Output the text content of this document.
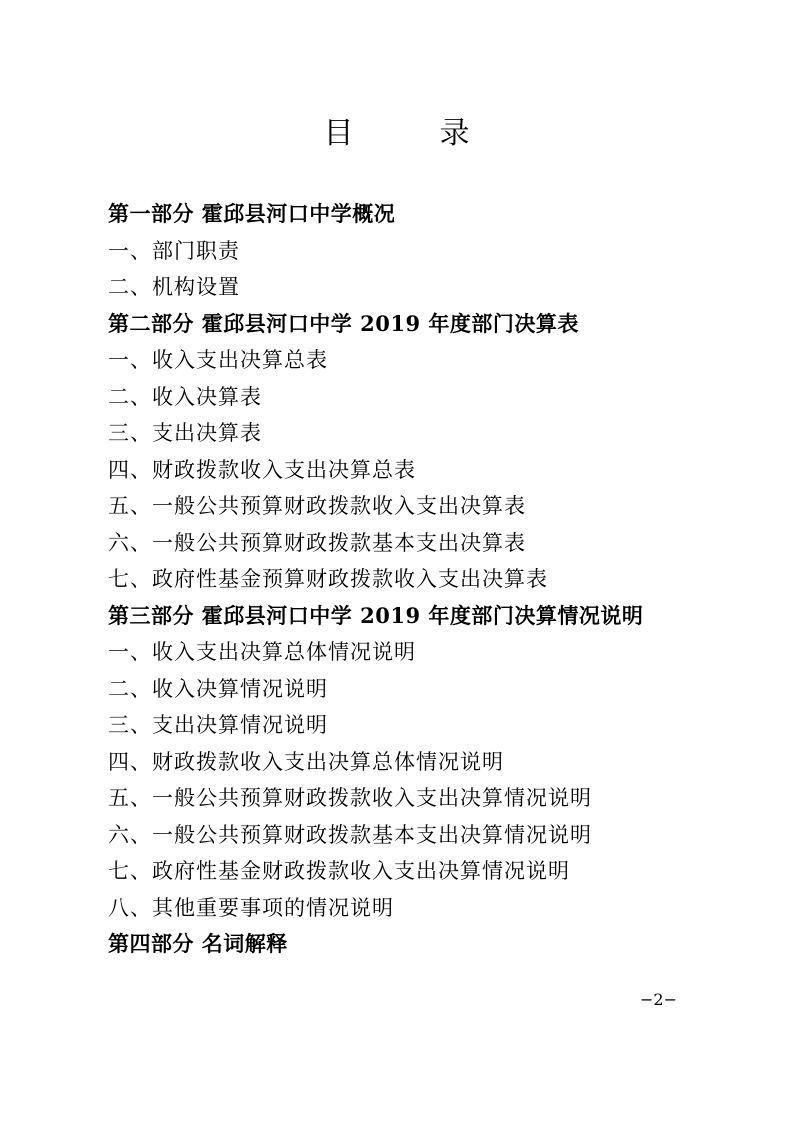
目　录
第一部分 霍邱县河口中学概况
一、部门职责
二、机构设置
第二部分 霍邱县河口中学 2019 年度部门决算表
一、收入支出决算总表
二、收入决算表
三、支出决算表
四、财政拨款收入支出决算总表
五、一般公共预算财政拨款收入支出决算表
六、一般公共预算财政拨款基本支出决算表
七、政府性基金预算财政拨款收入支出决算表
第三部分 霍邱县河口中学 2019 年度部门决算情况说明
一、收入支出决算总体情况说明
二、收入决算情况说明
三、支出决算情况说明
四、财政拨款收入支出决算总体情况说明
五、一般公共预算财政拨款收入支出决算情况说明
六、一般公共预算财政拨款基本支出决算情况说明
七、政府性基金财政拨款收入支出决算情况说明
八、其他重要事项的情况说明
第四部分 名词解释
−2−
